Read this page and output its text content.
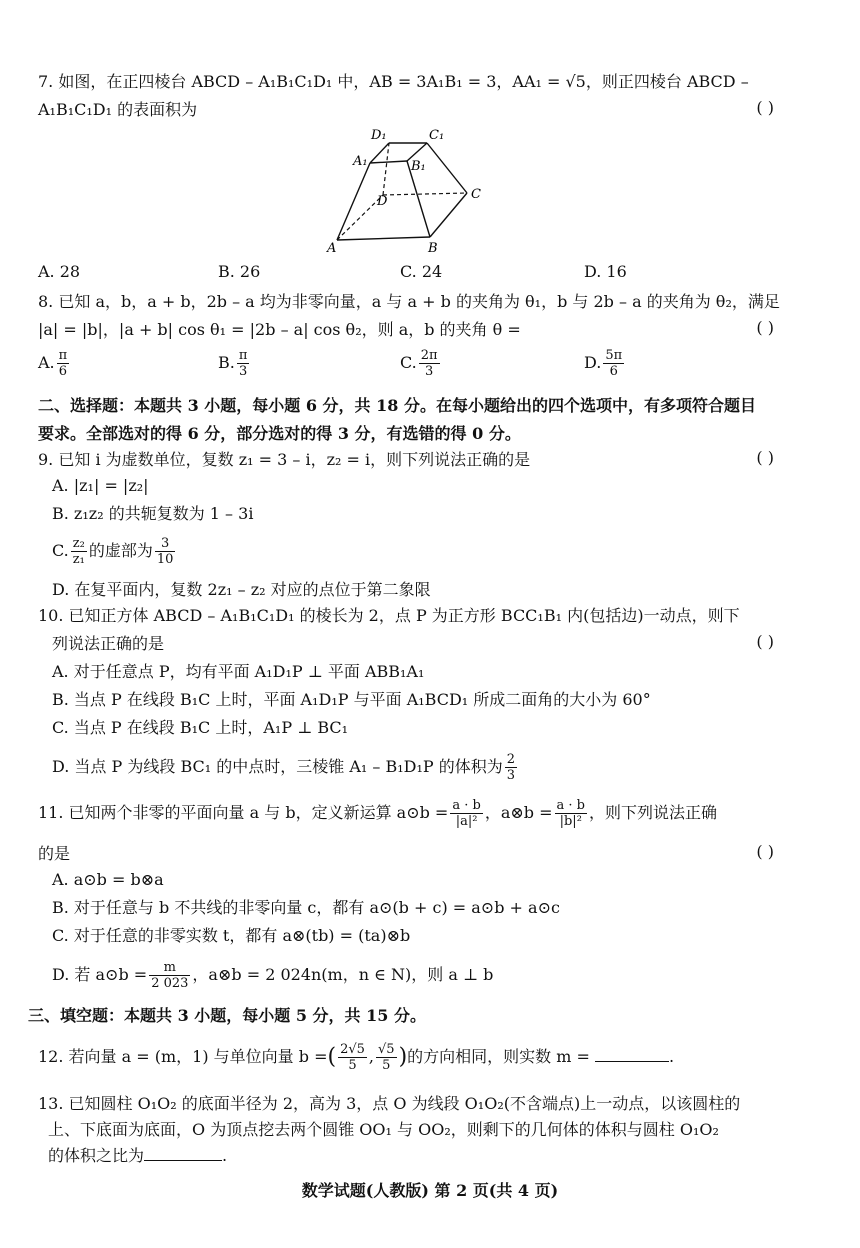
7. 如图，在正四棱台 ABCD – A₁B₁C₁D₁ 中，AB = 3A₁B₁ = 3，AA₁ = √5，则正四棱台 ABCD –
A₁B₁C₁D₁ 的表面积为	( )
A	B
C
D
A₁	B₁
C₁
D₁
A. 28	B. 26	C. 24	D. 16
8. 已知 a，b，a + b，2b – a 均为非零向量，a 与 a + b 的夹角为 θ₁，b 与 2b – a 的夹角为 θ₂，满足
|a| = |b|，|a + b| cos θ₁ = |2b – a| cos θ₂，则 a，b 的夹角 θ =	( )
A. $\frac{\pi}{6}$	B. $\frac{\pi}{3}$	C. $\frac{2\pi}{3}$	D. $\frac{5\pi}{6}$
二、选择题：本题共 3 小题，每小题 6 分，共 18 分。在每小题给出的四个选项中，有多项符合题目
要求。全部选对的得 6 分，部分选对的得 3 分，有选错的得 0 分。
9. 已知 i 为虚数单位，复数 z₁ = 3 – i，z₂ = i，则下列说法正确的是	( )
A. |z₁| = |z₂|
B. z₁z₂ 的共轭复数为 1 – 3i
C. $\frac{\text{z₂}}{\text{z₁}}$ 的虚部为 $\frac{3}{10}$
D. 在复平面内，复数 2z₁ – z₂ 对应的点位于第二象限
10. 已知正方体 ABCD – A₁B₁C₁D₁ 的棱长为 2，点 P 为正方形 BCC₁B₁ 内(包括边)一动点，则下
列说法正确的是	( )
A. 对于任意点 P，均有平面 A₁D₁P ⊥ 平面 ABB₁A₁
B. 当点 P 在线段 B₁C 上时，平面 A₁D₁P 与平面 A₁BCD₁ 所成二面角的大小为 60°
C. 当点 P 在线段 B₁C 上时，A₁P ⊥ BC₁
D. 当点 P 为线段 BC₁ 的中点时，三棱锥 A₁ – B₁D₁P 的体积为 $\frac{2}{3}$
11. 已知两个非零的平面向量 a 与 b，定义新运算 a⊙b = $\frac{a \cdot b}{\text{|a|²}}$ ，a⊗b = $\frac{a \cdot b}{\text{|b|²}}$ ，则下列说法正确
的是	( )
A. a⊙b = b⊗a
B. 对于任意与 b 不共线的非零向量 c，都有 a⊙(b + c) = a⊙b + a⊙c
C. 对于任意的非零实数 t，都有 a⊗(tb) = (ta)⊗b
D. 若 a⊙b = $\frac{m}{2 023}$ ，a⊗b = 2 024n(m，n ∈ N)，则 a ⊥ b
三、填空题：本题共 3 小题，每小题 5 分，共 15 分。
12. 若向量 a = (m，1) 与单位向量 b =( $\frac{2√5}{5}$ , $\frac{√5}{5}$ )的方向相同，则实数 m =	.
13. 已知圆柱 O₁O₂ 的底面半径为 2，高为 3，点 O 为线段 O₁O₂(不含端点)上一动点，以该圆柱的
上、下底面为底面，O 为顶点挖去两个圆锥 OO₁ 与 OO₂，则剩下的几何体的体积与圆柱 O₁O₂
的体积之比为	.
数学试题(人教版) 第 2 页(共 4 页)
